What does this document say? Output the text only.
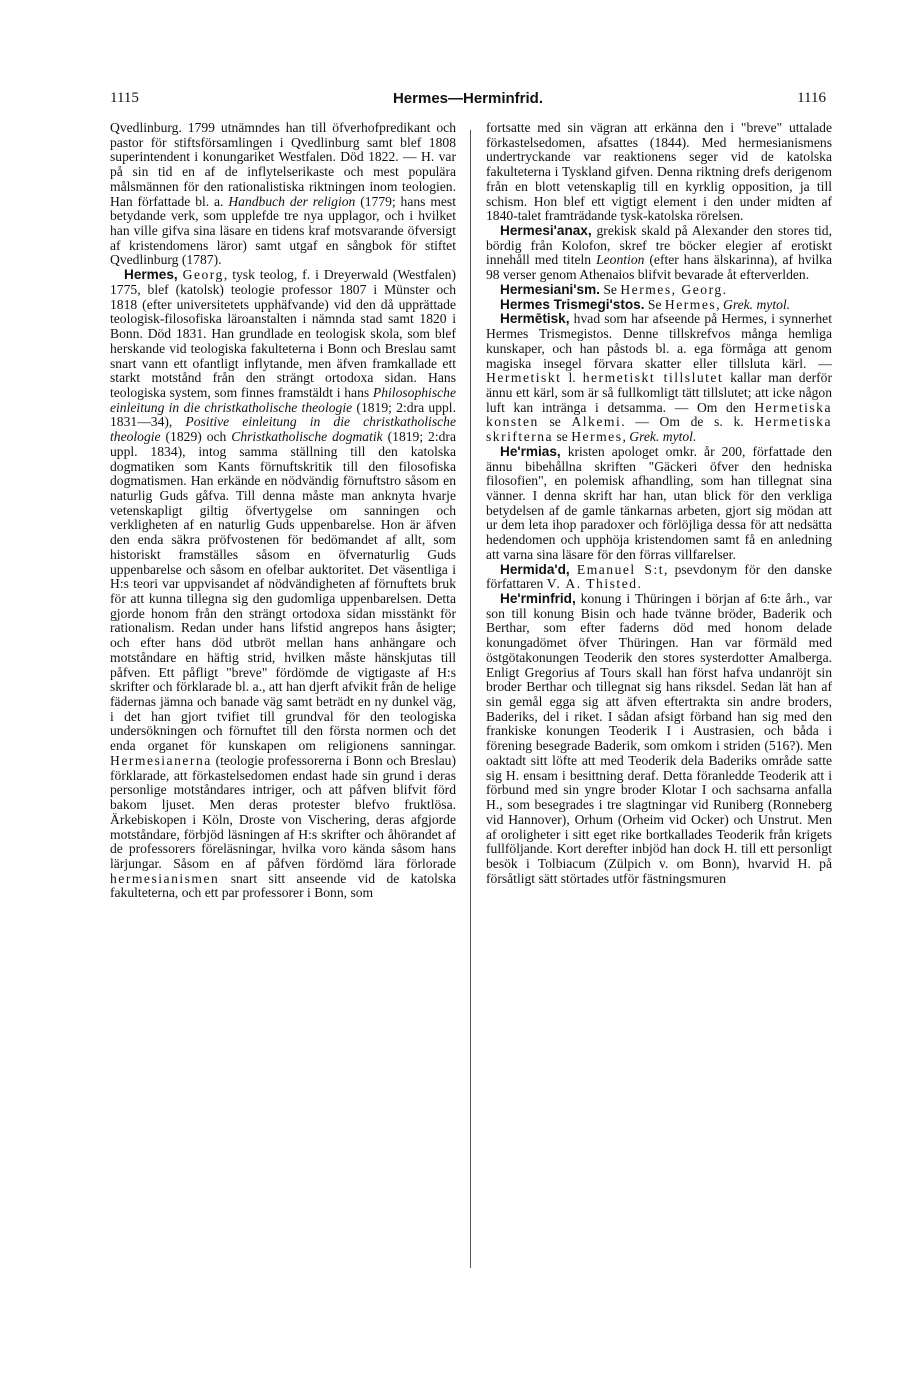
1115	Hermes—Herminfrid.	1116

Qvedlinburg. 1799 utnämndes han till öfverhofpredikant och pastor för stiftsförsamlingen i Qvedlinburg samt blef 1808 superintendent i konungariket Westfalen. Död 1822. — H. var på sin tid en af de inflytelserikaste och mest populära målsmännen för den rationalistiska riktningen inom teologien. Han författade bl. a. Handbuch der religion (1779; hans mest betydande verk, som upplefde tre nya upplagor, och i hvilket han ville gifva sina läsare en tidens kraf motsvarande öfversigt af kristendomens läror) samt utgaf en sångbok för stiftet Qvedlinburg (1787).

Hermes, Georg, tysk teolog, f. i Dreyerwald (Westfalen) 1775, blef (katolsk) teologie professor 1807 i Münster och 1818 (efter universitetets upphäfvande) vid den då upprättade teologisk-filosofiska läroanstalten i nämnda stad samt 1820 i Bonn. Död 1831. Han grundlade en teologisk skola, som blef herskande vid teologiska fakulteterna i Bonn och Breslau samt snart vann ett ofantligt inflytande, men äfven framkallade ett starkt motstånd från den strängt ortodoxa sidan. Hans teologiska system, som finnes framstäldt i hans Philosophische einleitung in die christkatholische theologie (1819; 2:dra uppl. 1831—34), Positive einleitung in die christkatholische theologie (1829) och Christkatholische dogmatik (1819; 2:dra uppl. 1834), intog samma ställning till den katolska dogmatiken som Kants förnuftskritik till den filosofiska dogmatismen. Han erkände en nödvändig förnuftstro såsom en naturlig Guds gåfva. Till denna måste man anknyta hvarje vetenskapligt giltig öfvertygelse om sanningen och verkligheten af en naturlig Guds uppenbarelse. Hon är äfven den enda säkra pröfvostenen för bedömandet af allt, som historiskt framställes såsom en öfvernaturlig Guds uppenbarelse och såsom en ofelbar auktoritet. Det väsentliga i H:s teori var uppvisandet af nödvändigheten af förnuftets bruk för att kunna tillegna sig den gudomliga uppenbarelsen. Detta gjorde honom från den strängt ortodoxa sidan misstänkt för rationalism. Redan under hans lifstid angrepos hans åsigter; och efter hans död utbröt mellan hans anhängare och motståndare en häftig strid, hvilken måste hänskjutas till påfven. Ett påfligt "breve" fördömde de vigtigaste af H:s skrifter och förklarade bl. a., att han djerft afvikit från de helige fädernas jämna och banade väg samt beträdt en ny dunkel väg, i det han gjort tvifiet till grundval för den teologiska undersökningen och förnuftet till den första normen och det enda organet för kunskapen om religionens sanningar. Hermesianerna (teologie professorerna i Bonn och Breslau) förklarade, att förkastelsedomen endast hade sin grund i deras personlige motståndares intriger, och att påfven blifvit förd bakom ljuset. Men deras protester blefvo fruktlösa. Ärkebiskopen i Köln, Droste von Vischering, deras afgjorde motståndare, förbjöd läsningen af H:s skrifter och åhörandet af de professorers föreläsningar, hvilka voro kända såsom hans lärjungar. Såsom en af påfven fördömd lära förlorade hermesianismen snart sitt anseende vid de katolska fakulteterna, och ett par professorer i Bonn, som

fortsatte med sin vägran att erkänna den i "breve" uttalade förkastelsedomen, afsattes (1844). Med hermesianismens undertryckande var reaktionens seger vid de katolska fakulteterna i Tyskland gifven. Denna riktning drefs derigenom från en blott vetenskaplig till en kyrklig opposition, ja till schism. Hon blef ett vigtigt element i den under midten af 1840-talet framträdande tysk-katolska rörelsen.

Hermesi'anax, grekisk skald på Alexander den stores tid, bördig från Kolofon, skref tre böcker elegier af erotiskt innehåll med titeln Leontion (efter hans älskarinna), af hvilka 98 verser genom Athenaios blifvit bevarade åt efterverlden.

Hermesiani'sm. Se Hermes, Georg.

Hermes Trismegi'stos. Se Hermes, Grek. mytol.

Hermētisk, hvad som har afseende på Hermes, i synnerhet Hermes Trismegistos. Denne tillskrefvos många hemliga kunskaper, och han påstods bl. a. ega förmåga att genom magiska insegel förvara skatter eller tillsluta kärl. — Hermetiskt l. hermetiskt tillslutet kallar man derför ännu ett kärl, som är så fullkomligt tätt tillslutet; att icke någon luft kan intränga i detsamma. — Om den Hermetiska konsten se Alkemi. — Om de s. k. Hermetiska skrifterna se Hermes, Grek. mytol.

He'rmias, kristen apologet omkr. år 200, författade den ännu bibehållna skriften "Gäckeri öfver den hedniska filosofien", en polemisk afhandling, som han tillegnat sina vänner. I denna skrift har han, utan blick för den verkliga betydelsen af de gamle tänkarnas arbeten, gjort sig mödan att ur dem leta ihop paradoxer och förlöjliga dessa för att nedsätta hedendomen och upphöja kristendomen samt få en anledning att varna sina läsare för den förras villfarelser.

Hermida'd, Emanuel S:t, psevdonym för den danske författaren V. A. Thisted.

He'rminfrid, konung i Thüringen i början af 6:te årh., var son till konung Bisin och hade tvänne bröder, Baderik och Berthar, som efter faderns död med honom delade konungadömet öfver Thüringen. Han var förmäld med östgötakonungen Teoderik den stores systerdotter Amalberga. Enligt Gregorius af Tours skall han först hafva undanröjt sin broder Berthar och tillegnat sig hans riksdel. Sedan lät han af sin gemål egga sig att äfven eftertrakta sin andre broders, Baderiks, del i riket. I sådan afsigt förband han sig med den frankiske konungen Teoderik I i Austrasien, och båda i förening besegrade Baderik, som omkom i striden (516?). Men oaktadt sitt löfte att med Teoderik dela Baderiks område satte sig H. ensam i besittning deraf. Detta föranledde Teoderik att i förbund med sin yngre broder Klotar I och sachsarna anfalla H., som besegrades i tre slagtningar vid Runiberg (Ronneberg vid Hannover), Orhum (Orheim vid Ocker) och Unstrut. Men af oroligheter i sitt eget rike bortkallades Teoderik från krigets fullföljande. Kort derefter inbjöd han dock H. till ett personligt besök i Tolbiacum (Zülpich v. om Bonn), hvarvid H. på försåtligt sätt störtades utför fästningsmuren
